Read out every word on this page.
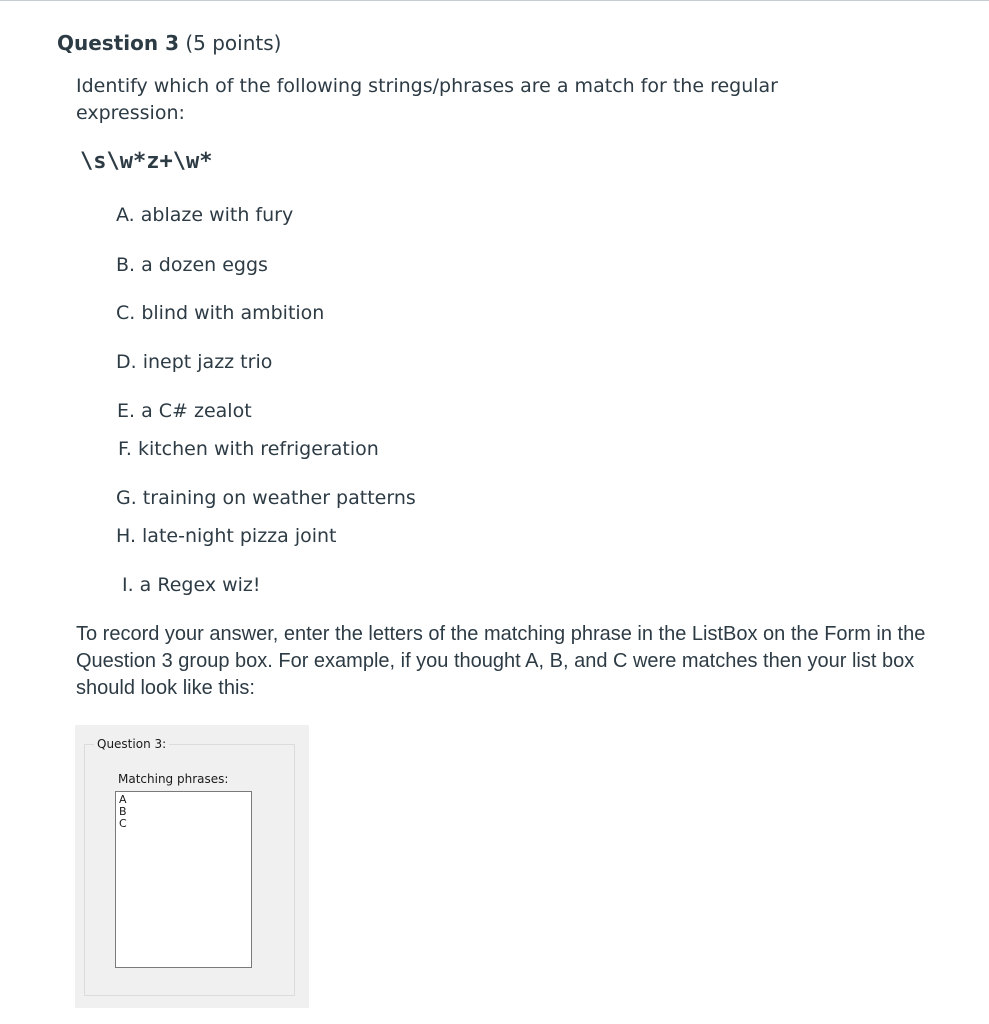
Question 3 (5 points)
Identify which of the following strings/phrases are a match for the regular expression:
\s\w*z+\w*
A. ablaze with fury
B. a dozen eggs
C. blind with ambition
D. inept jazz trio
E. a C# zealot
F. kitchen with refrigeration
G. training on weather patterns
H. late-night pizza joint
I. a Regex wiz!
To record your answer, enter the letters of the matching phrase in the ListBox on the Form in the Question 3 group box. For example, if you thought A, B, and C were matches then your list box should look like this:
Question 3:
Matching phrases:
A
B
C
